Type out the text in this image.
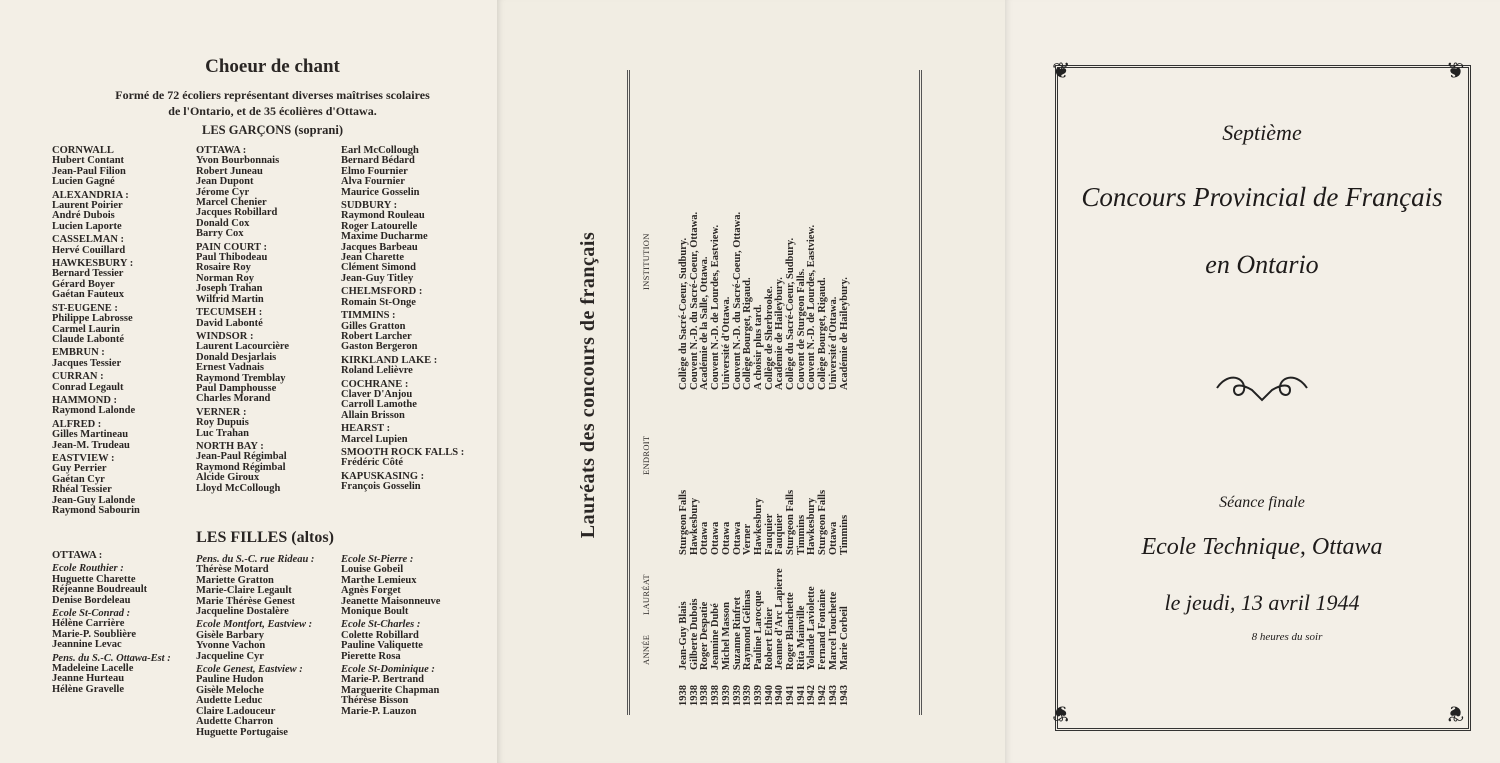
Choeur de chant
Formé de 72 écoliers représentant diverses maîtrises scolaires
de l'Ontario, et de 35 écolières d'Ottawa.
LES GARÇONS (soprani)
LES FILLES (altos)
CORNWALL
Hubert Contant
Jean-Paul Filion
Lucien Gagné
ALEXANDRIA :
Laurent Poirier
André Dubois
Lucien Laporte
CASSELMAN :
Hervé Couillard
HAWKESBURY :
Bernard Tessier
Gérard Boyer
Gaétan Fauteux
ST-EUGENE :
Philippe Labrosse
Carmel Laurin
Claude Labonté
EMBRUN :
Jacques Tessier
CURRAN :
Conrad Legault
HAMMOND :
Raymond Lalonde
ALFRED :
Gilles Martineau
Jean-M. Trudeau
EASTVIEW :
Guy Perrier
Gaétan Cyr
Rhéal Tessier
Jean-Guy Lalonde
Raymond Sabourin
OTTAWA :
Yvon Bourbonnais
Robert Juneau
Jean Dupont
Jérome Cyr
Marcel Chenier
Jacques Robillard
Donald Cox
Barry Cox
PAIN COURT :
Paul Thibodeau
Rosaire Roy
Norman Roy
Joseph Trahan
Wilfrid Martin
TECUMSEH :
David Labonté
WINDSOR :
Laurent Lacourcière
Donald Desjarlais
Ernest Vadnais
Raymond Tremblay
Paul Damphousse
Charles Morand
VERNER :
Roy Dupuis
Luc Trahan
NORTH BAY :
Jean-Paul Régimbal
Raymond Régimbal
Alcide Giroux
Lloyd McCollough
Earl McCollough
Bernard Bédard
Elmo Fournier
Alva Fournier
Maurice Gosselin
SUDBURY :
Raymond Rouleau
Roger Latourelle
Maxime Ducharme
Jacques Barbeau
Jean Charette
Clément Simond
Jean-Guy Titley
CHELMSFORD :
Romain St-Onge
TIMMINS :
Gilles Gratton
Robert Larcher
Gaston Bergeron
KIRKLAND LAKE :
Roland Lelièvre
COCHRANE :
Claver D'Anjou
Carroll Lamothe
Allain Brisson
HEARST :
Marcel Lupien
SMOOTH ROCK FALLS :
Frédéric Côté
KAPUSKASING :
François Gosselin
OTTAWA :
Ecole Routhier :
Huguette Charette
Réjeanne Boudreault
Denise Bordeleau
Ecole St-Conrad :
Hélène Carrière
Marie-P. Soublière
Jeannine Levac
Pens. du S.-C. Ottawa-Est :
Madeleine Lacelle
Jeanne Hurteau
Hélène Gravelle
Pens. du S.-C. rue Rideau :
Thérèse Motard
Mariette Gratton
Marie-Claire Legault
Marie Thérèse Genest
Jacqueline Dostalère
Ecole Montfort, Eastview :
Gisèle Barbary
Yvonne Vachon
Jacqueline Cyr
Ecole Genest, Eastview :
Pauline Hudon
Gisèle Meloche
Audette Leduc
Claire Ladouceur
Audette Charron
Huguette Portugaise
Ecole St-Pierre :
Louise Gobeil
Marthe Lemieux
Agnès Forget
Jeanette Maisonneuve
Monique Boult
Ecole St-Charles :
Colette Robillard
Pauline Valiquette
Pierette Rosa
Ecole St-Dominique :
Marie-P. Bertrand
Marguerite Chapman
Thérèse Bisson
Marie-P. Lauzon
Lauréats des concours de français
ANNÉE
LAURÉAT
ENDROIT
INSTITUTION
1938
Jean-Guy Blais
Sturgeon Falls
Collège du Sacré-Coeur, Sudbury.
1938
Gilberte Dubois
Hawkesbury
Couvent N.-D. du Sacré-Coeur, Ottawa.
1938
Roger Despatie
Ottawa
Académie de la Salle, Ottawa.
1938
Jeannine Dubé
Ottawa
Couvent N.-D. de Lourdes, Eastview.
1939
Michel Masson
Ottawa
Université d'Ottawa.
1939
Suzanne Rinfret
Ottawa
Couvent N.-D. du Sacré-Coeur, Ottawa.
1939
Raymond Gélinas
Verner
Collège Bourget, Rigaud.
1939
Pauline Larocque
Hawkesbury
A choisir plus tard.
1940
Robert Ethier
Fauquier
Collège de Sherbrooke.
1940
Jeanne d'Arc Lapierre
Fauquier
Académie de Haileybury.
1941
Roger Blanchette
Sturgeon Falls
Collège du Sacré-Coeur, Sudbury.
1941
Rita Mainville
Timmins
Couvent de Sturgeon Falls.
1942
Yolande Laviolette
Hawkesbury
Couvent N.-D. de Lourdes, Eastview.
1942
Fernand Fontaine
Sturgeon Falls
Collège Bourget, Rigaud.
1943
Marcel Touchette
Ottawa
Université d'Ottawa.
1943
Marie Corbeil
Timmins
Académie de Haileybury.
❦	❦
❦	❦
Septième
Concours Provincial de Français
en Ontario
Séance finale
Ecole Technique, Ottawa
le jeudi, 13 avril 1944
8 heures du soir
